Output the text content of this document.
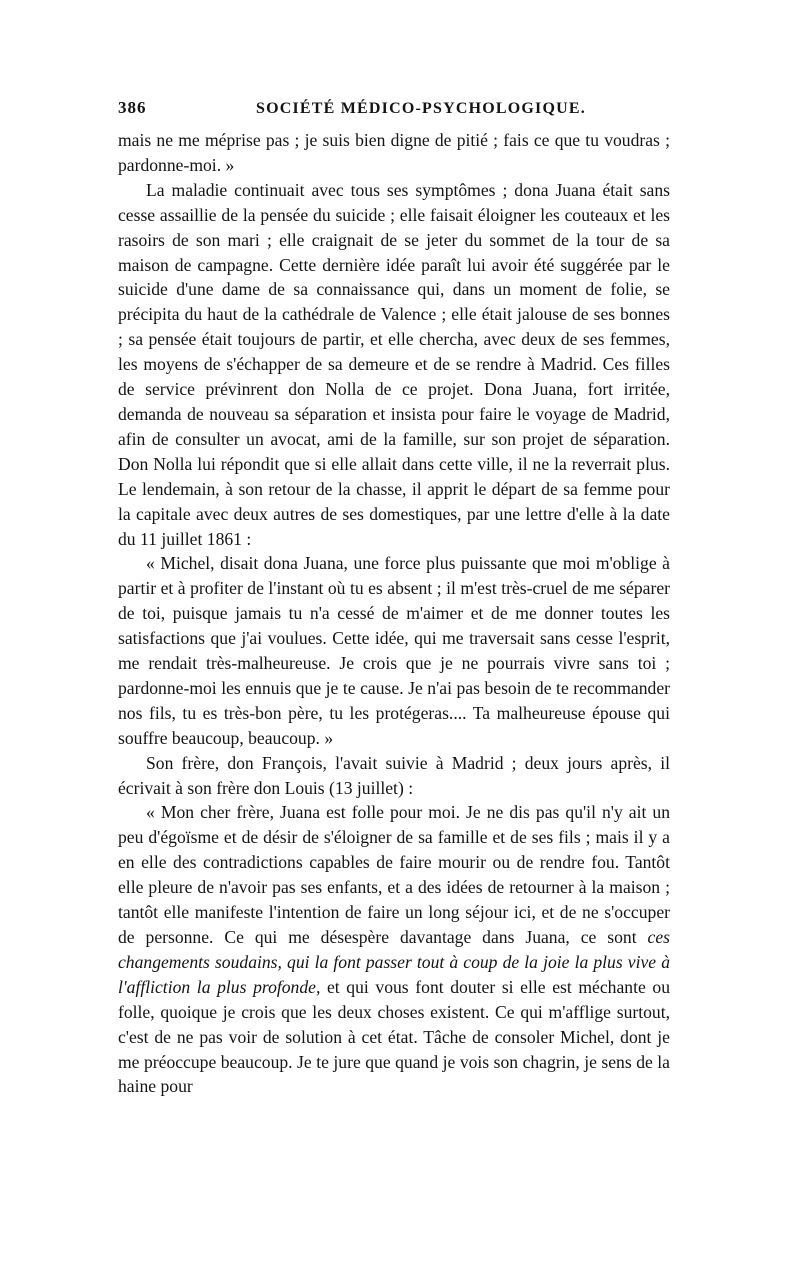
386	SOCIÉTÉ MÉDICO-PSYCHOLOGIQUE.

mais ne me méprise pas ; je suis bien digne de pitié ; fais ce que tu voudras ; pardonne-moi. »

La maladie continuait avec tous ses symptômes ; dona Juana était sans cesse assaillie de la pensée du suicide ; elle faisait éloigner les couteaux et les rasoirs de son mari ; elle craignait de se jeter du sommet de la tour de sa maison de campagne. Cette dernière idée paraît lui avoir été suggérée par le suicide d'une dame de sa connaissance qui, dans un moment de folie, se précipita du haut de la cathédrale de Valence ; elle était jalouse de ses bonnes ; sa pensée était toujours de partir, et elle chercha, avec deux de ses femmes, les moyens de s'échapper de sa demeure et de se rendre à Madrid. Ces filles de service prévinrent don Nolla de ce projet. Dona Juana, fort irritée, demanda de nouveau sa séparation et insista pour faire le voyage de Madrid, afin de consulter un avocat, ami de la famille, sur son projet de séparation. Don Nolla lui répondit que si elle allait dans cette ville, il ne la reverrait plus. Le lendemain, à son retour de la chasse, il apprit le départ de sa femme pour la capitale avec deux autres de ses domestiques, par une lettre d'elle à la date du 11 juillet 1861 :

« Michel, disait dona Juana, une force plus puissante que moi m'oblige à partir et à profiter de l'instant où tu es absent ; il m'est très-cruel de me séparer de toi, puisque jamais tu n'a cessé de m'aimer et de me donner toutes les satisfactions que j'ai voulues. Cette idée, qui me traversait sans cesse l'esprit, me rendait très-malheureuse. Je crois que je ne pourrais vivre sans toi ; pardonne-moi les ennuis que je te cause. Je n'ai pas besoin de te recommander nos fils, tu es très-bon père, tu les protégeras.... Ta malheureuse épouse qui souffre beaucoup, beaucoup. »

Son frère, don François, l'avait suivie à Madrid ; deux jours après, il écrivait à son frère don Louis (13 juillet) :

« Mon cher frère, Juana est folle pour moi. Je ne dis pas qu'il n'y ait un peu d'égoïsme et de désir de s'éloigner de sa famille et de ses fils ; mais il y a en elle des contradictions capables de faire mourir ou de rendre fou. Tantôt elle pleure de n'avoir pas ses enfants, et a des idées de retourner à la maison ; tantôt elle manifeste l'intention de faire un long séjour ici, et de ne s'occuper de personne. Ce qui me désespère davantage dans Juana, ce sont ces changements soudains, qui la font passer tout à coup de la joie la plus vive à l'affliction la plus profonde, et qui vous font douter si elle est méchante ou folle, quoique je crois que les deux choses existent. Ce qui m'afflige surtout, c'est de ne pas voir de solution à cet état. Tâche de consoler Michel, dont je me préoccupe beaucoup. Je te jure que quand je vois son chagrin, je sens de la haine pour
